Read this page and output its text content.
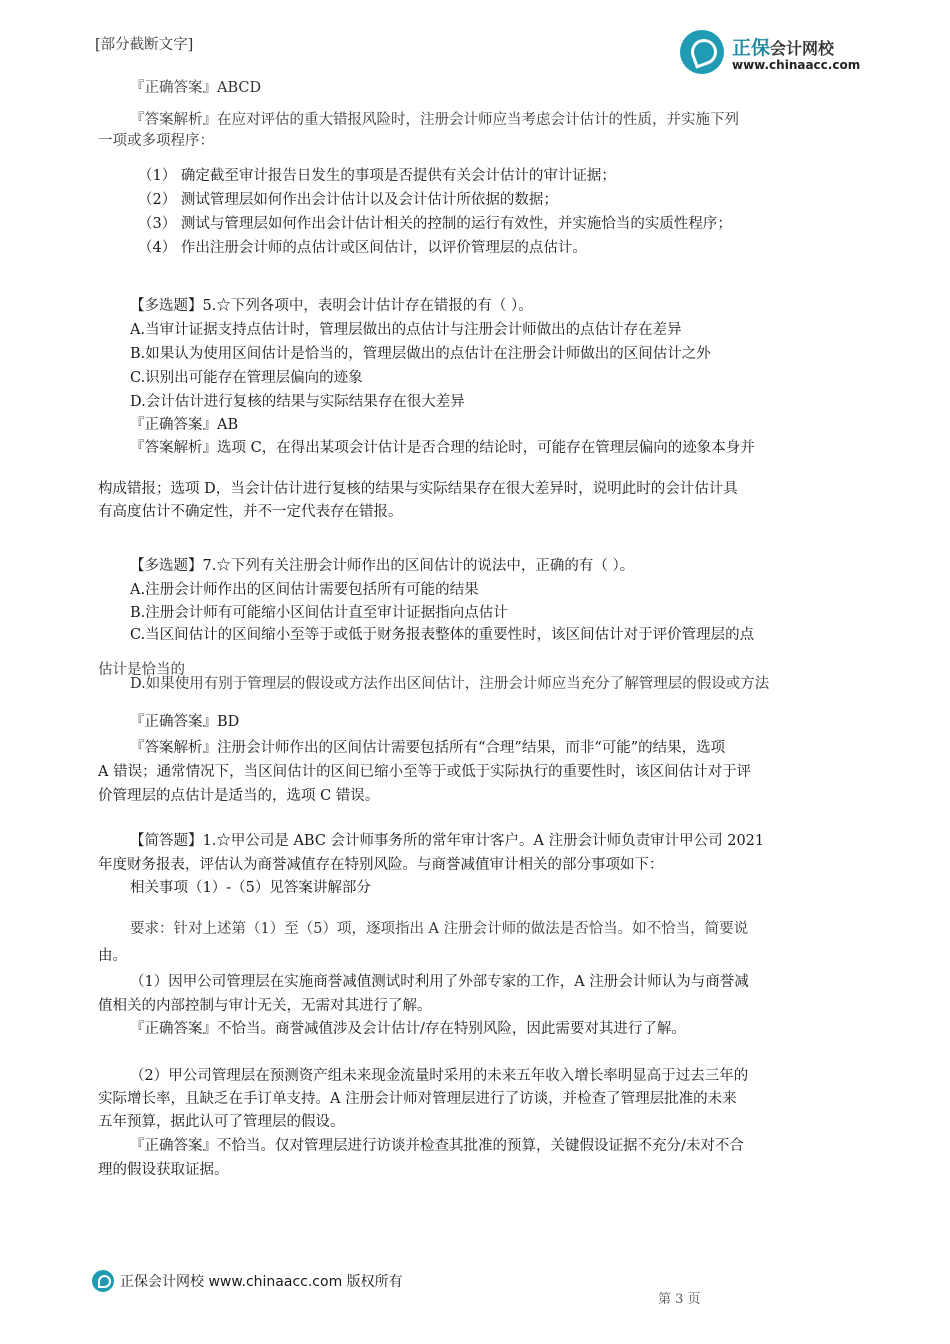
正保会计网校
www.chinaacc.com
[部分截断文字]
『正确答案』ABCD
『答案解析』在应对评估的重大错报风险时，注册会计师应当考虑会计估计的性质，并实施下列
一项或多项程序：
（1） 确定截至审计报告日发生的事项是否提供有关会计估计的审计证据；
（2） 测试管理层如何作出会计估计以及会计估计所依据的数据；
（3） 测试与管理层如何作出会计估计相关的控制的运行有效性，并实施恰当的实质性程序；
（4） 作出注册会计师的点估计或区间估计，以评价管理层的点估计。
【多选题】5.☆下列各项中，表明会计估计存在错报的有（ ）。
A.当审计证据支持点估计时，管理层做出的点估计与注册会计师做出的点估计存在差异
B.如果认为使用区间估计是恰当的，管理层做出的点估计在注册会计师做出的区间估计之外
C.识别出可能存在管理层偏向的迹象
D.会计估计进行复核的结果与实际结果存在很大差异
『正确答案』AB
『答案解析』选项 C，在得出某项会计估计是否合理的结论时，可能存在管理层偏向的迹象本身并
构成错报；选项 D，当会计估计进行复核的结果与实际结果存在很大差异时，说明此时的会计估计具
有高度估计不确定性，并不一定代表存在错报。
【多选题】7.☆下列有关注册会计师作出的区间估计的说法中，正确的有（ ）。
A.注册会计师作出的区间估计需要包括所有可能的结果
B.注册会计师有可能缩小区间估计直至审计证据指向点估计
C.当区间估计的区间缩小至等于或低于财务报表整体的重要性时，该区间估计对于评价管理层的点
估计是恰当的
D.如果使用有别于管理层的假设或方法作出区间估计，注册会计师应当充分了解管理层的假设或方法
『正确答案』BD
『答案解析』注册会计师作出的区间估计需要包括所有“合理”结果，而非“可能”的结果，选项
A 错误；通常情况下，当区间估计的区间已缩小至等于或低于实际执行的重要性时，该区间估计对于评
价管理层的点估计是适当的，选项 C 错误。
【简答题】1.☆甲公司是 ABC 会计师事务所的常年审计客户。A 注册会计师负责审计甲公司 2021
年度财务报表，评估认为商誉减值存在特别风险。与商誉减值审计相关的部分事项如下：
相关事项（1）-（5）见答案讲解部分
要求：针对上述第（1）至（5）项，逐项指出 A 注册会计师的做法是否恰当。如不恰当，简要说
由。
（1）因甲公司管理层在实施商誉减值测试时利用了外部专家的工作，A 注册会计师认为与商誉减
值相关的内部控制与审计无关，无需对其进行了解。
『正确答案』不恰当。商誉减值涉及会计估计/存在特别风险，因此需要对其进行了解。
（2）甲公司管理层在预测资产组未来现金流量时采用的未来五年收入增长率明显高于过去三年的
实际增长率，且缺乏在手订单支持。A 注册会计师对管理层进行了访谈，并检查了管理层批准的未来
五年预算，据此认可了管理层的假设。
『正确答案』不恰当。仅对管理层进行访谈并检查其批准的预算，关键假设证据不充分/未对不合
理的假设获取证据。
正保会计网校 www.chinaacc.com 版权所有
第 3 页
